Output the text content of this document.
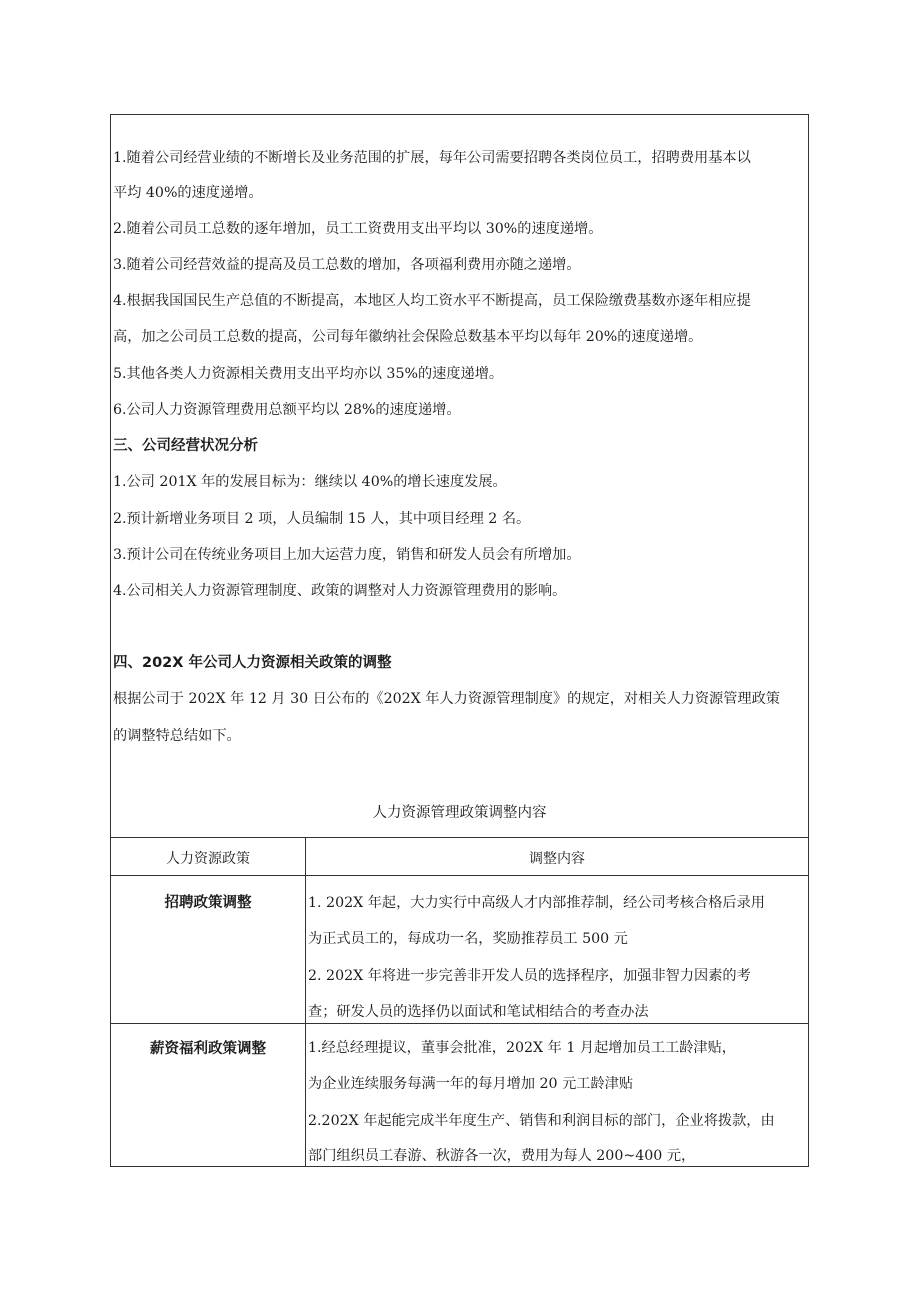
1.随着公司经营业绩的不断增长及业务范围的扩展，每年公司需要招聘各类岗位员工，招聘费用基本以
平均 40%的速度递增。
2.随着公司员工总数的逐年增加，员工工资费用支出平均以 30%的速度递增。
3.随着公司经营效益的提高及员工总数的增加，各项福利费用亦随之递增。
4.根据我国国民生产总值的不断提高，本地区人均工资水平不断提高，员工保险缴费基数亦逐年相应提
高，加之公司员工总数的提高，公司每年徽纳社会保险总数基本平均以每年 20%的速度递增。
5.其他各类人力资源相关费用支出平均亦以 35%的速度递增。
6.公司人力资源管理费用总额平均以 28%的速度递增。
三、公司经营状况分析
1.公司 201X 年的发展目标为：继续以 40%的增长速度发展。
2.预计新增业务项目 2 项，人员编制 15 人，其中项目经理 2 名。
3.预计公司在传统业务项目上加大运营力度，销售和研发人员会有所增加。
4.公司相关人力资源管理制度、政策的调整对人力资源管理费用的影响。
四、202X 年公司人力资源相关政策的调整
根据公司于 202X 年 12 月 30 日公布的《202X 年人力资源管理制度》的规定，对相关人力资源管理政策
的调整特总结如下。
人力资源管理政策调整内容
人力资源政策	调整内容
招聘政策调整	1. 202X 年起，大力实行中高级人才内部推荐制，经公司考核合格后录用
为正式员工的，每成功一名，奖励推荐员工 500 元
2. 202X 年将进一步完善非开发人员的选择程序，加强非智力因素的考
查；研发人员的选择仍以面试和笔试相结合的考查办法
薪资福利政策调整	1.经总经理提议，董事会批准，202X 年 1 月起增加员工工龄津贴，
为企业连续服务每满一年的每月增加 20 元工龄津贴
2.202X 年起能完成半年度生产、销售和利润目标的部门，企业将拨款，由
部门组织员工春游、秋游各一次，费用为每人 200~400 元，
